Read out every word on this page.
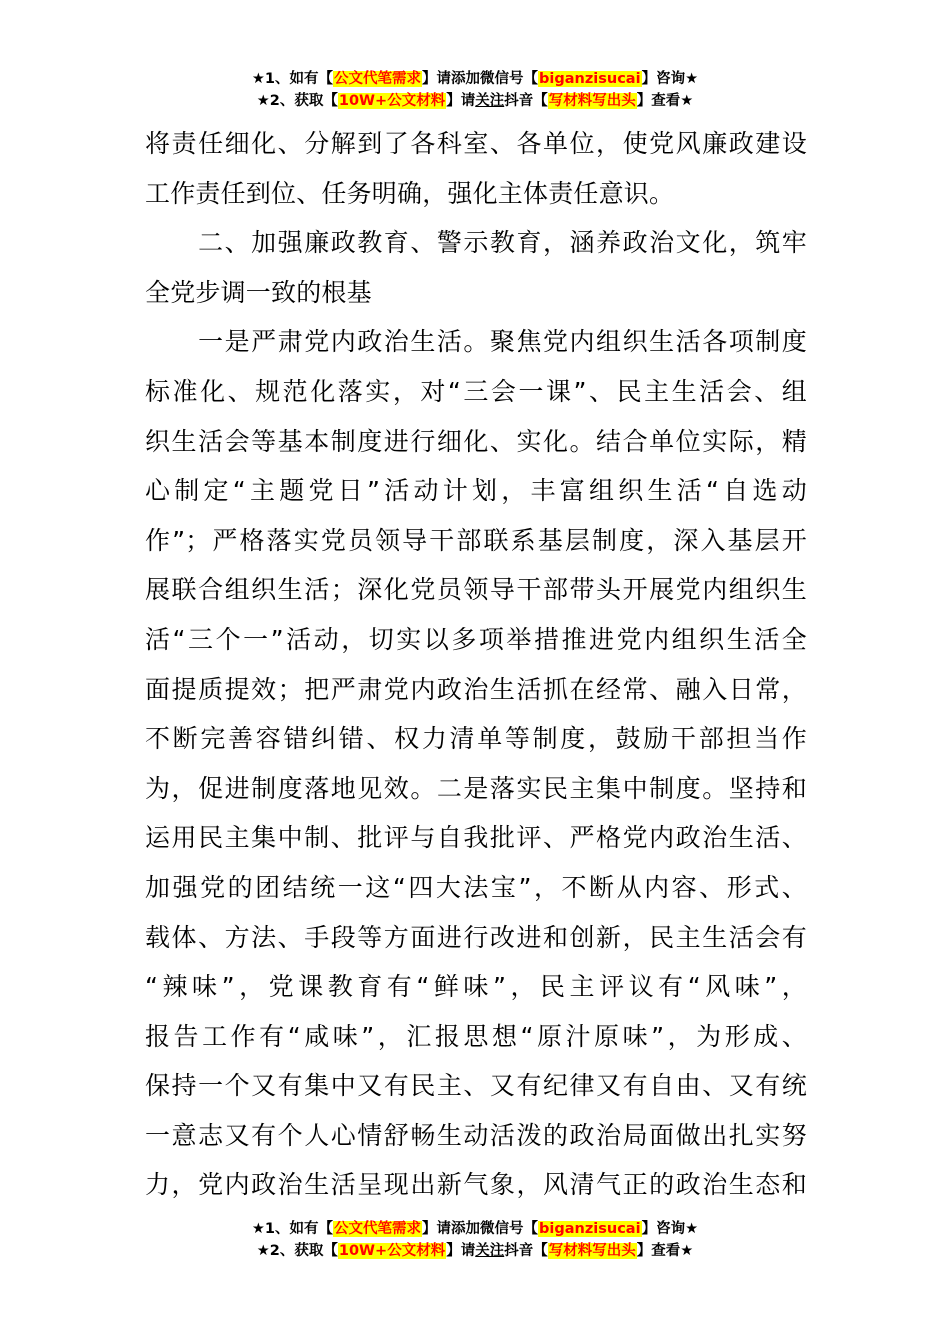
★1、如有【公文代笔需求】请添加微信号【biganzisucai】咨询★
★2、获取【10W+公文材料】请关注抖音【写材料写出头】查看★
将责任细化、分解到了各科室、各单位，使党风廉政建设
工作责任到位、任务明确，强化主体责任意识。
　　二、加强廉政教育、警示教育，涵养政治文化，筑牢
全党步调一致的根基
　　一是严肃党内政治生活。聚焦党内组织生活各项制度
标准化、规范化落实，对“三会一课”、民主生活会、组
织生活会等基本制度进行细化、实化。结合单位实际，精
心制定“主题党日”活动计划，丰富组织生活“自选动
作”；严格落实党员领导干部联系基层制度，深入基层开
展联合组织生活；深化党员领导干部带头开展党内组织生
活“三个一”活动，切实以多项举措推进党内组织生活全
面提质提效；把严肃党内政治生活抓在经常、融入日常，
不断完善容错纠错、权力清单等制度，鼓励干部担当作
为，促进制度落地见效。二是落实民主集中制度。坚持和
运用民主集中制、批评与自我批评、严格党内政治生活、
加强党的团结统一这“四大法宝”，不断从内容、形式、
载体、方法、手段等方面进行改进和创新，民主生活会有
“辣味”，党课教育有“鲜味”，民主评议有“风味”，
报告工作有“咸味”，汇报思想“原汁原味”，为形成、
保持一个又有集中又有民主、又有纪律又有自由、又有统
一意志又有个人心情舒畅生动活泼的政治局面做出扎实努
力，党内政治生活呈现出新气象，风清气正的政治生态和
★1、如有【公文代笔需求】请添加微信号【biganzisucai】咨询★
★2、获取【10W+公文材料】请关注抖音【写材料写出头】查看★
